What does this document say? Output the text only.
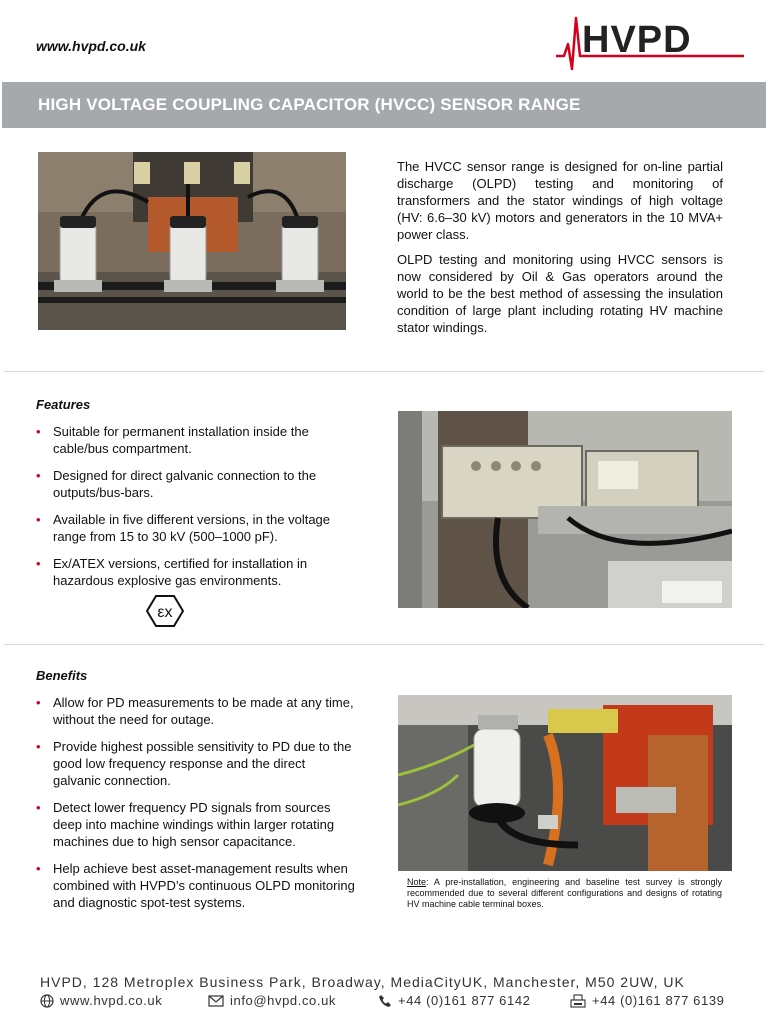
www.hvpd.co.uk	HVPD
HIGH VOLTAGE COUPLING CAPACITOR (HVCC) SENSOR RANGE

The HVCC sensor range is designed for on-line partial discharge (OLPD) testing and monitoring of transformers and the stator windings of high voltage (HV: 6.6–30 kV) motors and generators in the 10 MVA+ power class.

OLPD testing and monitoring using HVCC sensors is now considered by Oil & Gas operators around the world to be the best method of assessing the insulation condition of large plant including rotating HV machine stator windings.

Features
• Suitable for permanent installation inside the cable/bus compartment.
• Designed for direct galvanic connection to the outputs/bus-bars.
• Available in five different versions, in the voltage range from 15 to 30 kV (500–1000 pF).
• Ex/ATEX versions, certified for installation in hazardous explosive gas environments.
εx
Benefits
• Allow for PD measurements to be made at any time, without the need for outage.
• Provide highest possible sensitivity to PD due to the good low frequency response and the direct galvanic connection.
• Detect lower frequency PD signals from sources deep into machine windings within larger rotating machines due to high sensor capacitance.
• Help achieve best asset-management results when combined with HVPD’s continuous OLPD monitoring and diagnostic spot-test systems.
Note: A pre-installation, engineering and baseline test survey is strongly recommended due to several different configurations and designs of rotating HV machine cable terminal boxes.
HVPD, 128 Metroplex Business Park, Broadway, MediaCityUK, Manchester, M50 2UW, UK
www.hvpd.co.uk	info@hvpd.co.uk	+44 (0)161 877 6142	+44 (0)161 877 6139
